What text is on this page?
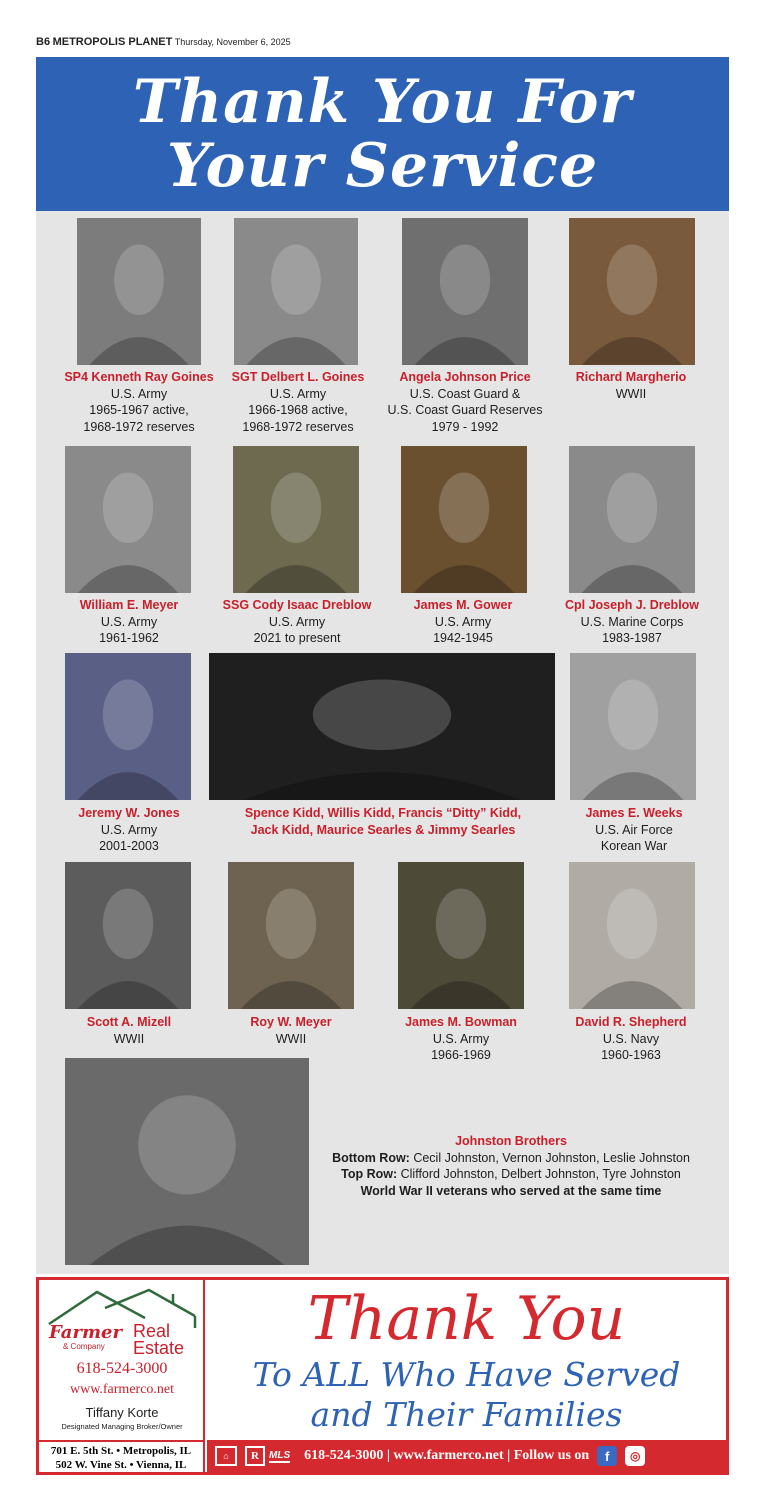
B6 METROPOLIS PLANET Thursday, November 6, 2025
Thank You For
Your Service
SP4 Kenneth Ray Goines
U.S. Army
1965-1967 active,
1968-1972 reserves
SGT Delbert L. Goines
U.S. Army
1966-1968 active,
1968-1972 reserves
Angela Johnson Price
U.S. Coast Guard &
U.S. Coast Guard Reserves
1979 - 1992
Richard Margherio
WWII
William E. Meyer
U.S. Army
1961-1962
SSG Cody Isaac Dreblow
U.S. Army
2021 to present
James M. Gower
U.S. Army
1942-1945
Cpl Joseph J. Dreblow
U.S. Marine Corps
1983-1987
Jeremy W. Jones
U.S. Army
2001-2003
Spence Kidd, Willis Kidd, Francis “Ditty” Kidd,
Jack Kidd, Maurice Searles & Jimmy Searles
James E. Weeks
U.S. Air Force
Korean War
Scott A. Mizell
WWII
Roy W. Meyer
WWII
James M. Bowman
U.S. Army
1966-1969
David R. Shepherd
U.S. Navy
1960-1963
Johnston Brothers
Bottom Row: Cecil Johnston, Vernon Johnston, Leslie Johnston
Top Row: Clifford Johnston, Delbert Johnston, Tyre Johnston
World War II veterans who served at the same time
Farmer
& Company
Real
Estate
618-524-3000
www.farmerco.net
Tiffany Korte
Designated Managing Broker/Owner
701 E. 5th St. • Metropolis, IL
502 W. Vine St. • Vienna, IL
Thank You
To ALL Who Have Served
and Their Families
⌂	R	MLS 618-524-3000 | www.farmerco.net | Follow us on	f	◎
